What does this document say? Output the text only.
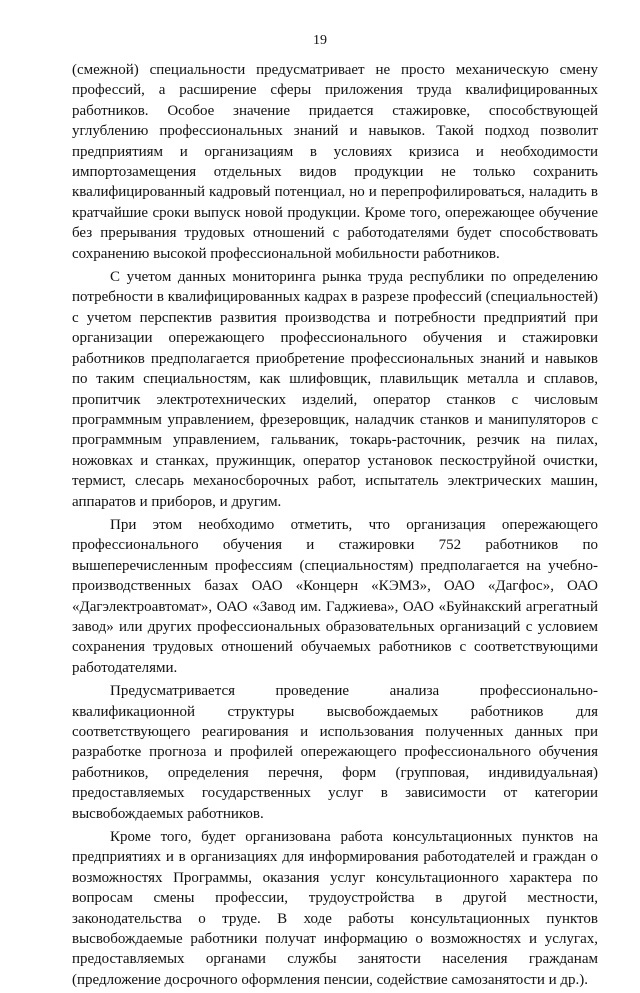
19

(смежной) специальности предусматривает не просто механическую смену профессий, а расширение сферы приложения труда квалифицированных работников. Особое значение придается стажировке, способствующей углублению профессиональных знаний и навыков. Такой подход позволит предприятиям и организациям в условиях кризиса и необходимости импортозамещения отдельных видов продукции не только сохранить квалифицированный кадровый потенциал, но и перепрофилироваться, наладить в кратчайшие сроки выпуск новой продукции. Кроме того, опережающее обучение без прерывания трудовых отношений с работодателями будет способствовать сохранению высокой профессиональной мобильности работников.

С учетом данных мониторинга рынка труда республики по определению потребности в квалифицированных кадрах в разрезе профессий (специальностей) с учетом перспектив развития производства и потребности предприятий при организации опережающего профессионального обучения и стажировки работников предполагается приобретение профессиональных знаний и навыков по таким специальностям, как шлифовщик, плавильщик металла и сплавов, пропитчик электротехнических изделий, оператор станков с числовым программным управлением, фрезеровщик, наладчик станков и манипуляторов с программным управлением, гальваник, токарь-расточник, резчик на пилах, ножовках и станках, пружинщик, оператор установок пескоструйной очистки, термист, слесарь механосборочных работ, испытатель электрических машин, аппаратов и приборов, и другим.

При этом необходимо отметить, что организация опережающего профессионального обучения и стажировки 752 работников по вышеперечисленным профессиям (специальностям) предполагается на учебно-производственных базах ОАО «Концерн «КЭМЗ», ОАО «Дагфос», ОАО «Дагэлектроавтомат», ОАО «Завод им. Гаджиева», ОАО «Буйнакский агрегатный завод» или других профессиональных образовательных организаций с условием сохранения трудовых отношений обучаемых работников с соответствующими работодателями.

Предусматривается проведение анализа профессионально-квалификационной структуры высвобождаемых работников для соответствующего реагирования и использования полученных данных при разработке прогноза и профилей опережающего профессионального обучения работников, определения перечня, форм (групповая, индивидуальная) предоставляемых государственных услуг в зависимости от категории высвобождаемых работников.

Кроме того, будет организована работа консультационных пунктов на предприятиях и в организациях для информирования работодателей и граждан о возможностях Программы, оказания услуг консультационного характера по вопросам смены профессии, трудоустройства в другой местности, законодательства о труде. В ходе работы консультационных пунктов высвобождаемые работники получат информацию о возможностях и услугах, предоставляемых органами службы занятости населения гражданам (предложение досрочного оформления пенсии, содействие самозанятости и др.).
